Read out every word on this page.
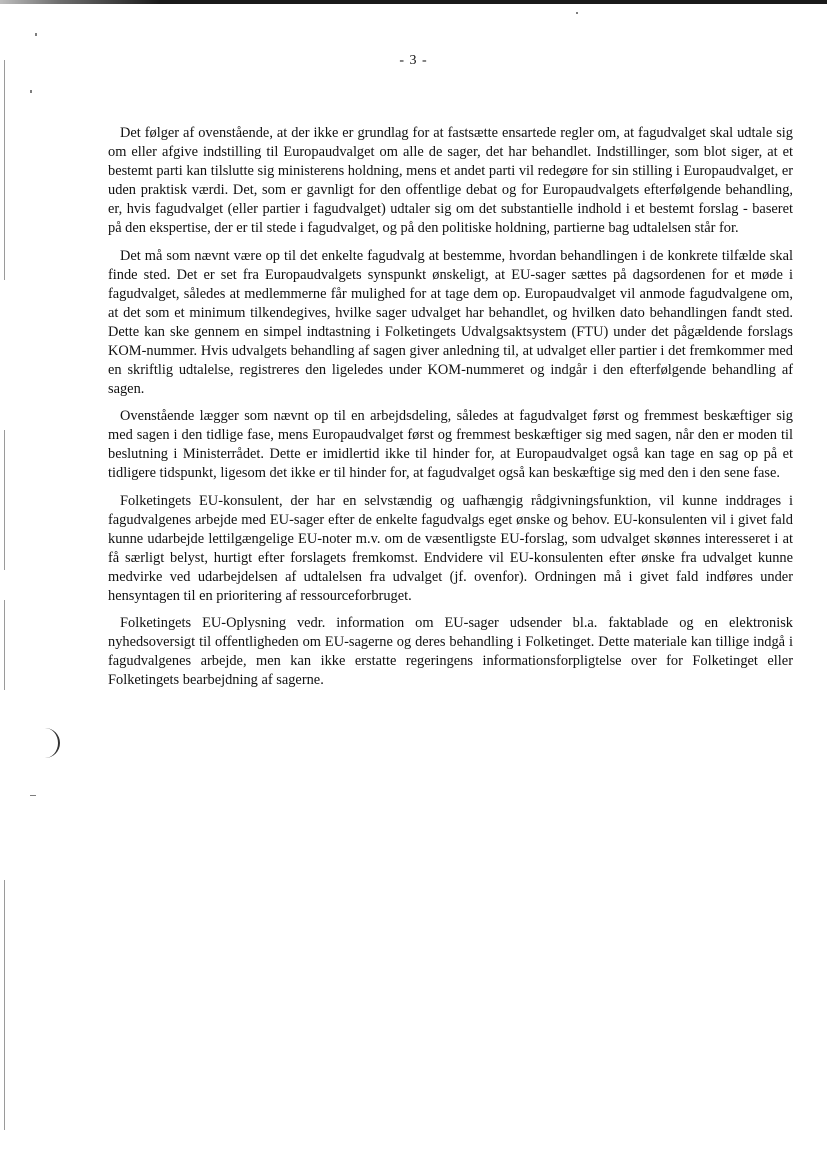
- 3 -

Det følger af ovenstående, at der ikke er grundlag for at fastsætte ensartede regler om, at fagudvalget skal udtale sig om eller afgive indstilling til Europaudvalget om alle de sager, det har behandlet. Indstillinger, som blot siger, at et bestemt parti kan tilslutte sig ministerens holdning, mens et andet parti vil redegøre for sin stilling i Europaudvalget, er uden praktisk værdi. Det, som er gavnligt for den offentlige debat og for Europaudvalgets efterfølgende behandling, er, hvis fagudvalget (eller partier i fagudvalget) udtaler sig om det substantielle indhold i et bestemt forslag - baseret på den ekspertise, der er til stede i fagudvalget, og på den politiske holdning, partierne bag udtalelsen står for.

Det må som nævnt være op til det enkelte fagudvalg at bestemme, hvordan behandlingen i de konkrete tilfælde skal finde sted. Det er set fra Europaudvalgets synspunkt ønskeligt, at EU-sager sættes på dagsordenen for et møde i fagudvalget, således at medlemmerne får mulighed for at tage dem op. Europaudvalget vil anmode fagudvalgene om, at det som et minimum tilkendegives, hvilke sager udvalget har behandlet, og hvilken dato behandlingen fandt sted. Dette kan ske gennem en simpel indtastning i Folketingets Udvalgsaktsystem (FTU) under det pågældende forslags KOM-nummer. Hvis udvalgets behandling af sagen giver anledning til, at udvalget eller partier i det fremkommer med en skriftlig udtalelse, registreres den ligeledes under KOM-nummeret og indgår i den efterfølgende behandling af sagen.

Ovenstående lægger som nævnt op til en arbejdsdeling, således at fagudvalget først og fremmest beskæftiger sig med sagen i den tidlige fase, mens Europaudvalget først og fremmest beskæftiger sig med sagen, når den er moden til beslutning i Ministerrådet. Dette er imidlertid ikke til hinder for, at Europaudvalget også kan tage en sag op på et tidligere tidspunkt, ligesom det ikke er til hinder for, at fagudvalget også kan beskæftige sig med den i den sene fase.

Folketingets EU-konsulent, der har en selvstændig og uafhængig rådgivningsfunktion, vil kunne inddrages i fagudvalgenes arbejde med EU-sager efter de enkelte fagudvalgs eget ønske og behov. EU-konsulenten vil i givet fald kunne udarbejde lettilgængelige EU-noter m.v. om de væsentligste EU-forslag, som udvalget skønnes interesseret i at få særligt belyst, hurtigt efter forslagets fremkomst. Endvidere vil EU-konsulenten efter ønske fra udvalget kunne medvirke ved udarbejdelsen af udtalelsen fra udvalget (jf. ovenfor). Ordningen må i givet fald indføres under hensyntagen til en prioritering af ressourceforbruget.

Folketingets EU-Oplysning vedr. information om EU-sager udsender bl.a. faktablade og en elektronisk nyhedsoversigt til offentligheden om EU-sagerne og deres behandling i Folketinget. Dette materiale kan tillige indgå i fagudvalgenes arbejde, men kan ikke erstatte regeringens informationsforpligtelse over for Folketinget eller Folketingets bearbejdning af sagerne.
